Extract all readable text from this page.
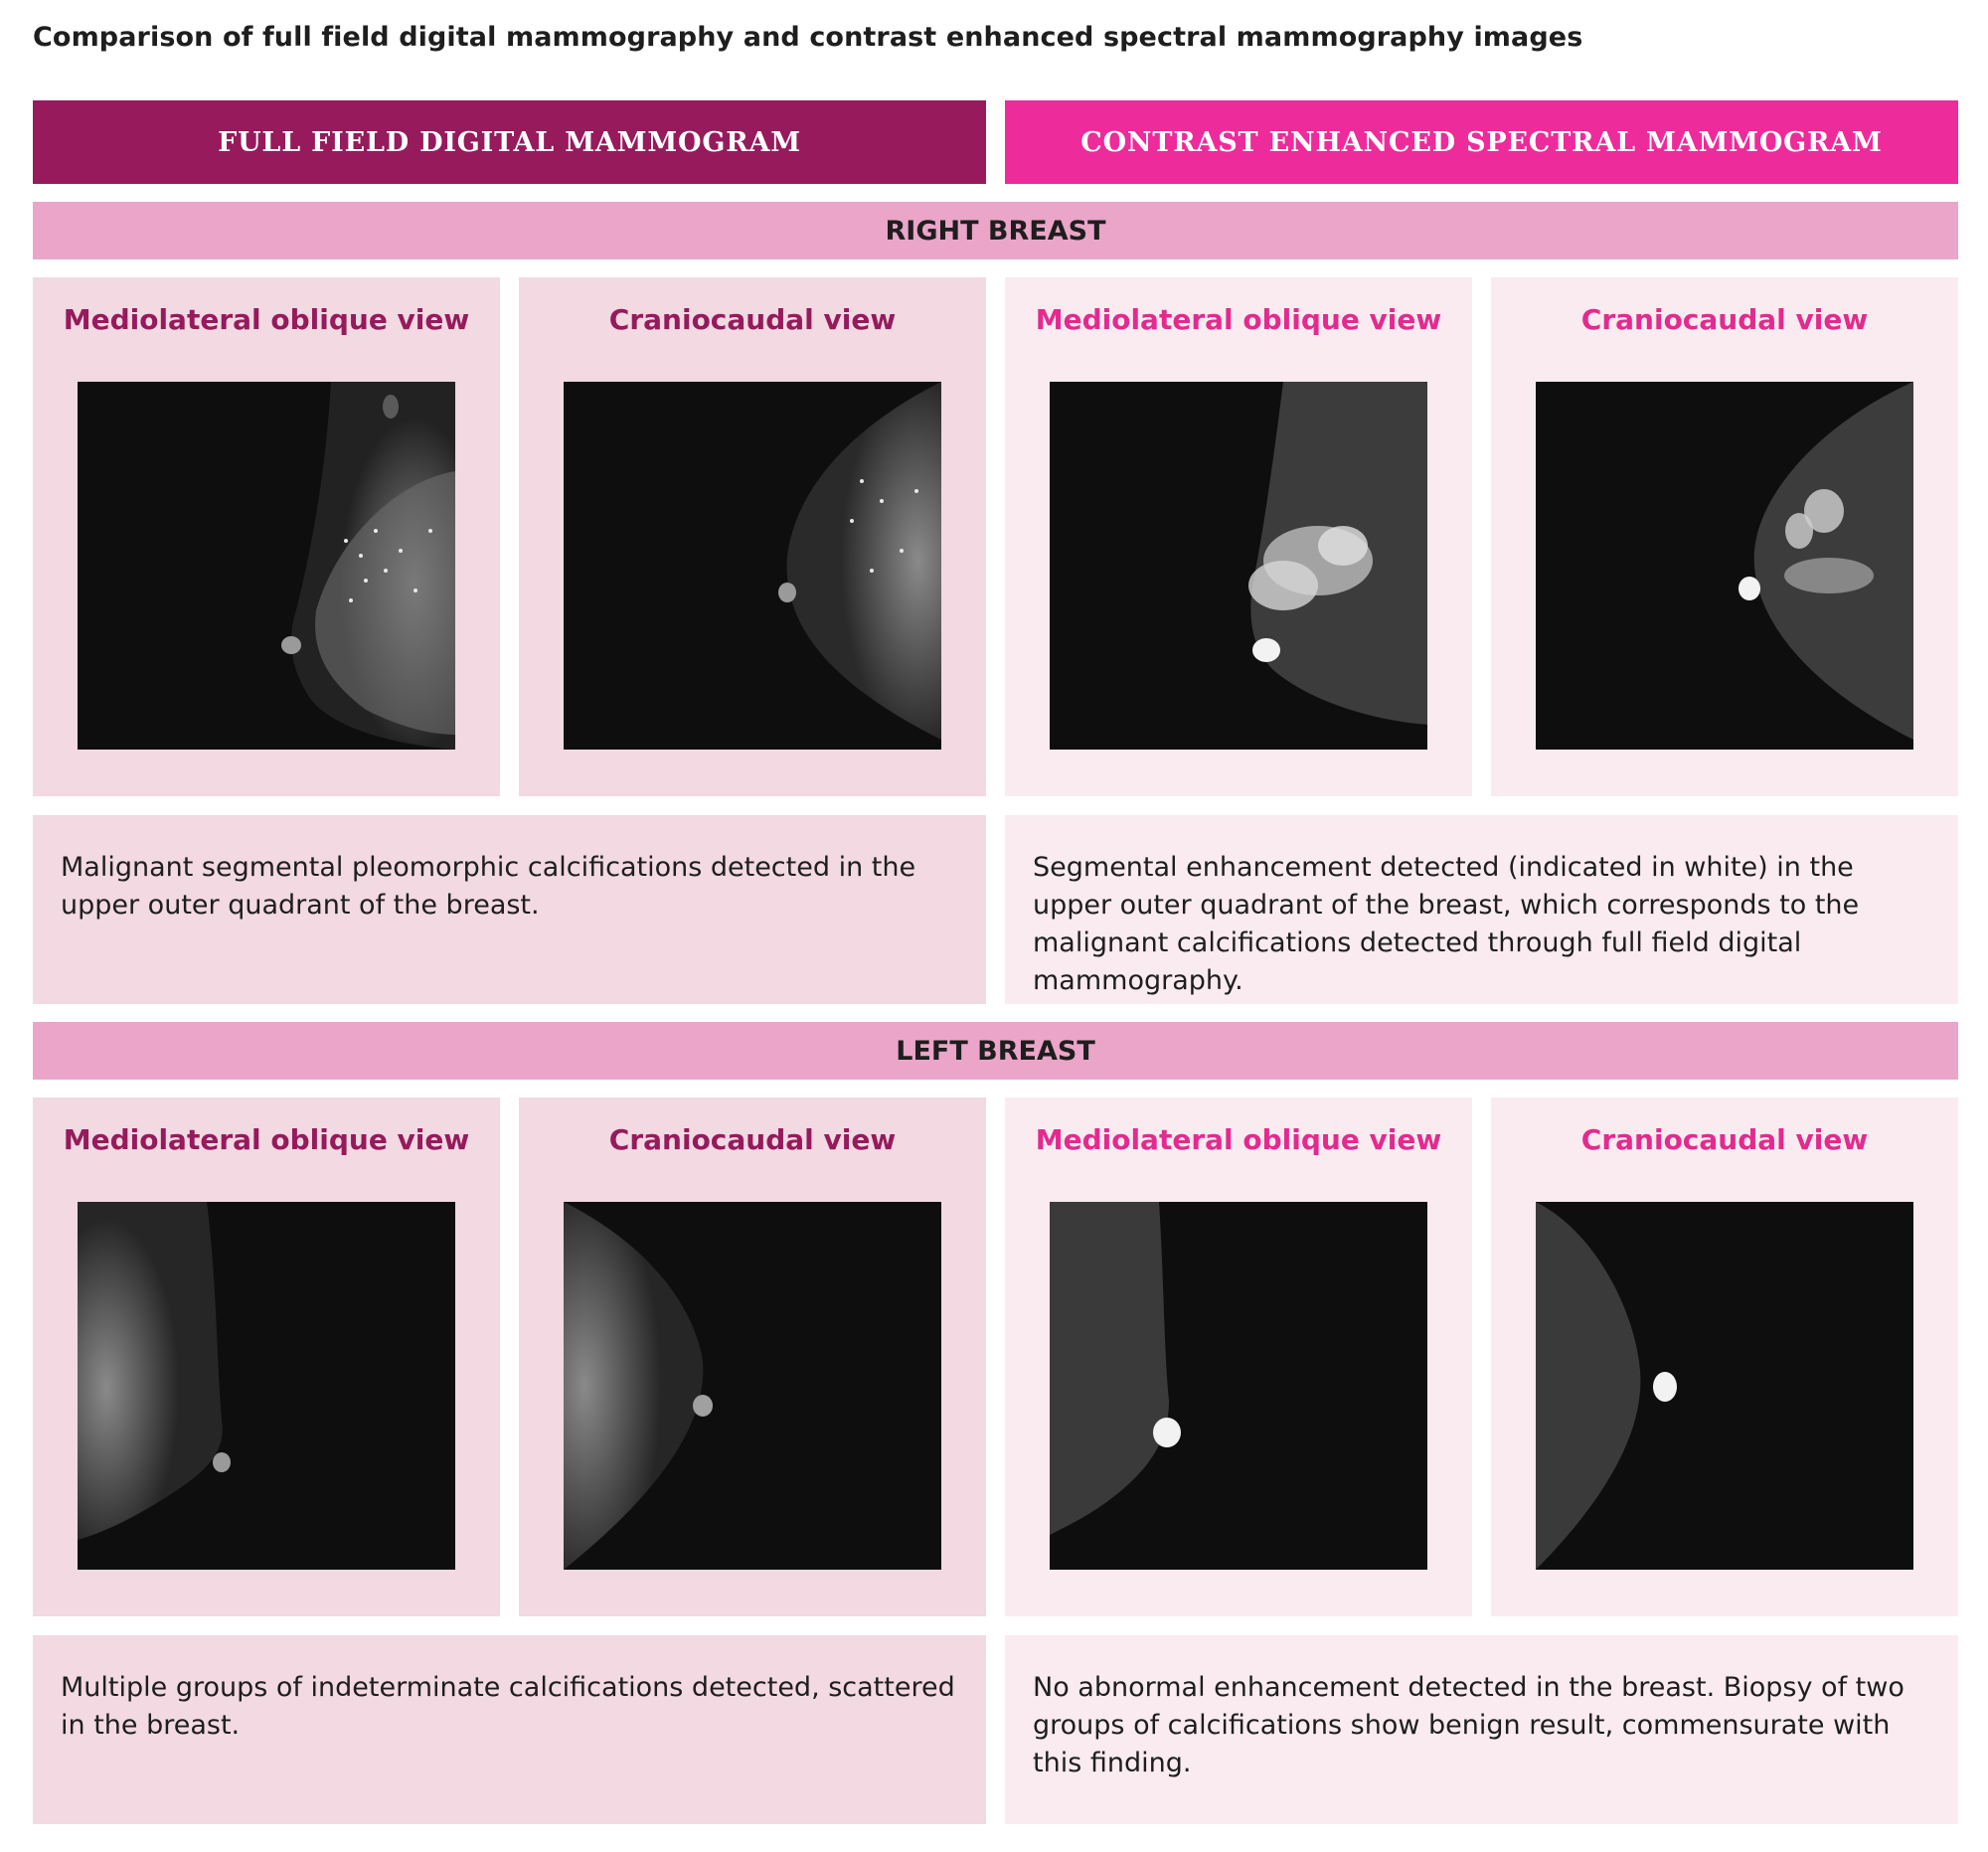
Comparison of full field digital mammography and contrast enhanced spectral mammography images
FULL FIELD DIGITAL MAMMOGRAM	CONTRAST ENHANCED SPECTRAL MAMMOGRAM
RIGHT BREAST
Mediolateral oblique view	Craniocaudal view	Mediolateral oblique view	Craniocaudal view
Malignant segmental pleomorphic calcifications detected in the upper outer quadrant of the breast.
Segmental enhancement detected (indicated in white) in the upper outer quadrant of the breast, which corresponds to the malignant calcifications detected through full field digital mammography.
LEFT BREAST
Mediolateral oblique view	Craniocaudal view	Mediolateral oblique view	Craniocaudal view
Multiple groups of indeterminate calcifications detected, scattered in the breast.
No abnormal enhancement detected in the breast. Biopsy of two groups of calcifications show benign result, commensurate with this finding.
